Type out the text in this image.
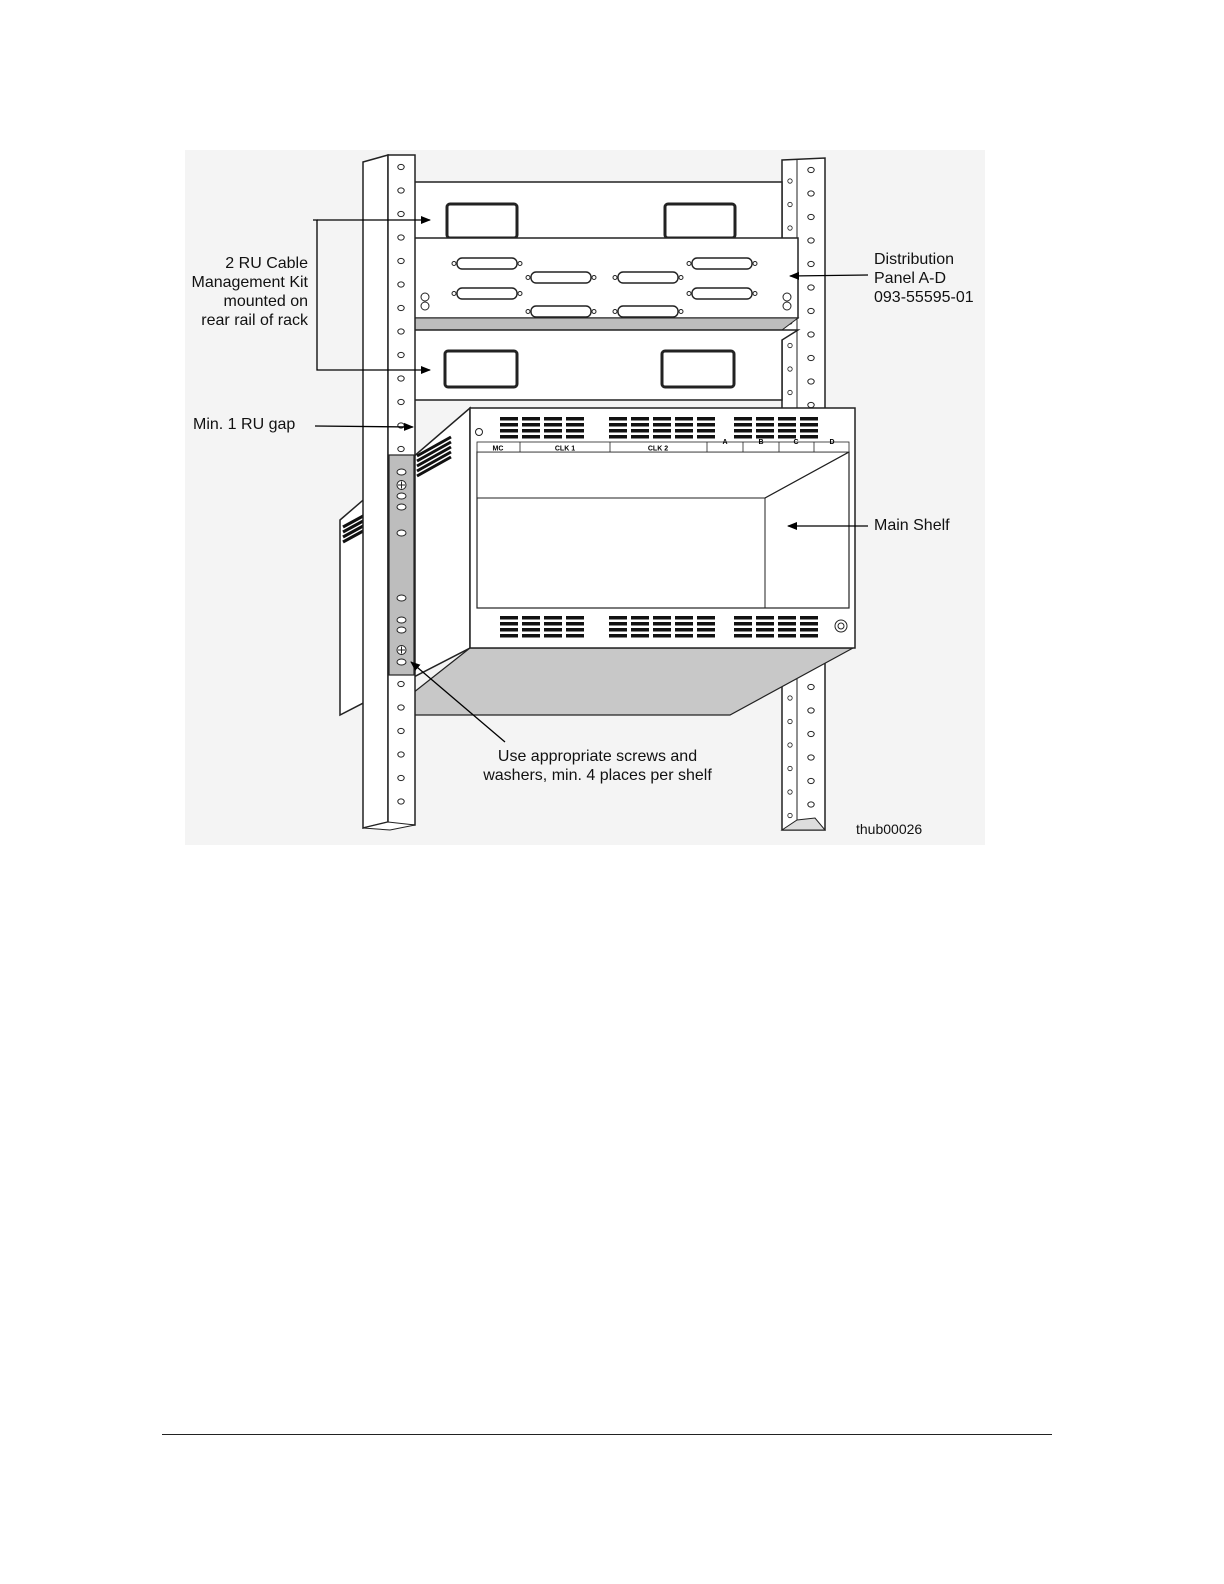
MC	CLK 1	CLK 2
A	B	C	D
2 RU Cable
Management Kit
mounted on
rear rail of rack
Distribution
Panel A-D
093-55595-01
Min. 1 RU gap
Main Shelf
Use appropriate screws and
washers, min. 4 places per shelf
thub00026
